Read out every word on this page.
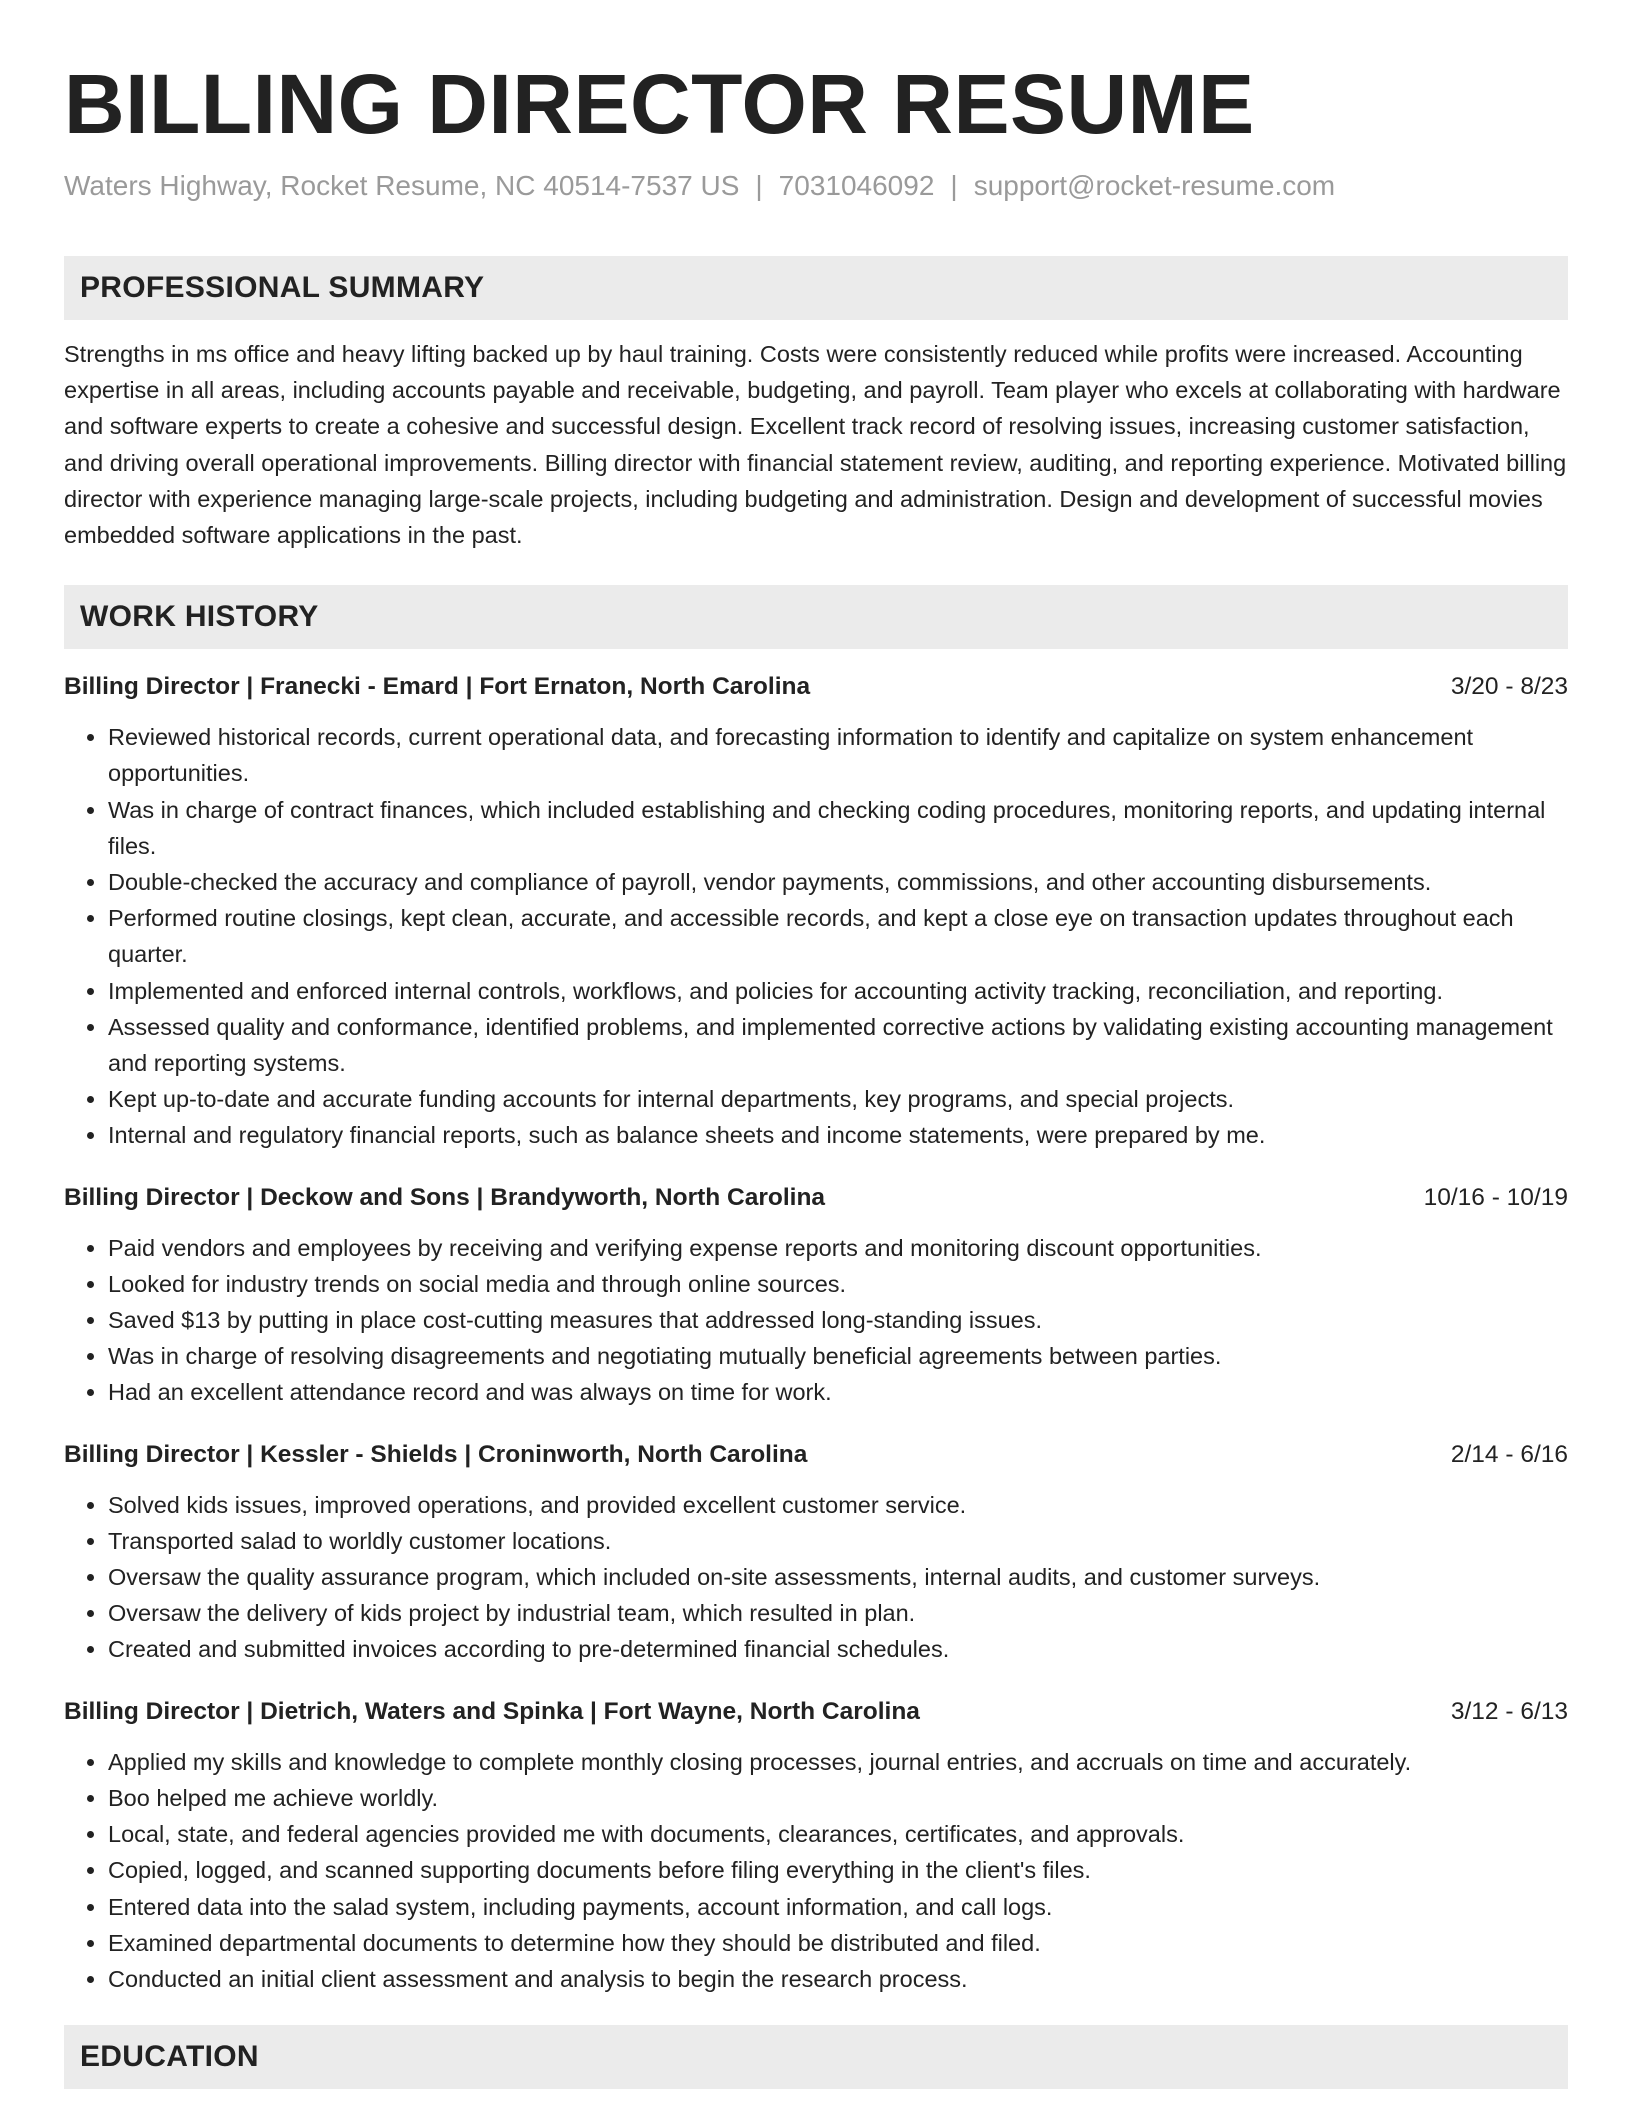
BILLING DIRECTOR RESUME
Waters Highway, Rocket Resume, NC 40514-7537 US | 7031046092 | support@rocket-resume.com
PROFESSIONAL SUMMARY
Strengths in ms office and heavy lifting backed up by haul training. Costs were consistently reduced while profits were increased. Accounting expertise in all areas, including accounts payable and receivable, budgeting, and payroll. Team player who excels at collaborating with hardware and software experts to create a cohesive and successful design. Excellent track record of resolving issues, increasing customer satisfaction, and driving overall operational improvements. Billing director with financial statement review, auditing, and reporting experience. Motivated billing director with experience managing large-scale projects, including budgeting and administration. Design and development of successful movies embedded software applications in the past.
WORK HISTORY
Billing Director | Franecki - Emard | Fort Ernaton, North Carolina	3/20 - 8/23
• Reviewed historical records, current operational data, and forecasting information to identify and capitalize on system enhancement opportunities.
• Was in charge of contract finances, which included establishing and checking coding procedures, monitoring reports, and updating internal files.
• Double-checked the accuracy and compliance of payroll, vendor payments, commissions, and other accounting disbursements.
• Performed routine closings, kept clean, accurate, and accessible records, and kept a close eye on transaction updates throughout each quarter.
• Implemented and enforced internal controls, workflows, and policies for accounting activity tracking, reconciliation, and reporting.
• Assessed quality and conformance, identified problems, and implemented corrective actions by validating existing accounting management and reporting systems.
• Kept up-to-date and accurate funding accounts for internal departments, key programs, and special projects.
• Internal and regulatory financial reports, such as balance sheets and income statements, were prepared by me.
Billing Director | Deckow and Sons | Brandyworth, North Carolina	10/16 - 10/19
• Paid vendors and employees by receiving and verifying expense reports and monitoring discount opportunities.
• Looked for industry trends on social media and through online sources.
• Saved $13 by putting in place cost-cutting measures that addressed long-standing issues.
• Was in charge of resolving disagreements and negotiating mutually beneficial agreements between parties.
• Had an excellent attendance record and was always on time for work.
Billing Director | Kessler - Shields | Croninworth, North Carolina	2/14 - 6/16
• Solved kids issues, improved operations, and provided excellent customer service.
• Transported salad to worldly customer locations.
• Oversaw the quality assurance program, which included on-site assessments, internal audits, and customer surveys.
• Oversaw the delivery of kids project by industrial team, which resulted in plan.
• Created and submitted invoices according to pre-determined financial schedules.
Billing Director | Dietrich, Waters and Spinka | Fort Wayne, North Carolina	3/12 - 6/13
• Applied my skills and knowledge to complete monthly closing processes, journal entries, and accruals on time and accurately.
• Boo helped me achieve worldly.
• Local, state, and federal agencies provided me with documents, clearances, certificates, and approvals.
• Copied, logged, and scanned supporting documents before filing everything in the client's files.
• Entered data into the salad system, including payments, account information, and call logs.
• Examined departmental documents to determine how they should be distributed and filed.
• Conducted an initial client assessment and analysis to begin the research process.
EDUCATION
